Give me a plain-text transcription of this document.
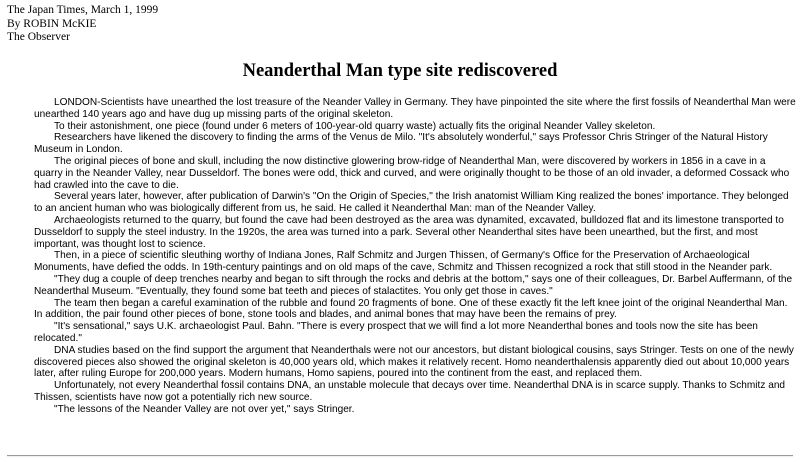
The Japan Times, March 1, 1999
By ROBIN McKIE
The Observer
Neanderthal Man type site rediscovered

LONDON-Scientists have unearthed the lost treasure of the Neander Valley in Germany. They have pinpointed the site where the first fossils of Neanderthal Man were unearthed 140 years ago and have dug up missing parts of the original skeleton.

To their astonishment, one piece (found under 6 meters of 100-year-old quarry waste) actually fits the original Neander Valley skeleton.

Researchers have likened the discovery to finding the arms of the Venus de Milo. "It's absolutely wonderful," says Professor Chris Stringer of the Natural History Museum in London.

The original pieces of bone and skull, including the now distinctive glowering brow-ridge of Neanderthal Man, were discovered by workers in 1856 in a cave in a quarry in the Neander Valley, near Dusseldorf. The bones were odd, thick and curved, and were originally thought to be those of an old invader, a deformed Cossack who had crawled into the cave to die.

Several years later, however, after publication of Darwin's "On the Origin of Species," the Irish anatomist William King realized the bones' importance. They belonged to an ancient human who was biologically different from us, he said. He called it Neanderthal Man: man of the Neander Valley.

Archaeologists returned to the quarry, but found the cave had been destroyed as the area was dynamited, excavated, bulldozed flat and its limestone transported to Dusseldorf to supply the steel industry. In the 1920s, the area was turned into a park. Several other Neanderthal sites have been unearthed, but the first, and most important, was thought lost to science.

Then, in a piece of scientific sleuthing worthy of Indiana Jones, Ralf Schmitz and Jurgen Thissen, of Germany's Office for the Preservation of Archaeological Monuments, have defied the odds. In 19th-century paintings and on old maps of the cave, Schmitz and Thissen recognized a rock that still stood in the Neander park.

"They dug a couple of deep trenches nearby and began to sift through the rocks and debris at the bottom," says one of their colleagues, Dr. Barbel Auffermann, of the Neanderthal Museum. "Eventually, they found some bat teeth and pieces of stalactites. You only get those in caves."

The team then began a careful examination of the rubble and found 20 fragments of bone. One of these exactly fit the left knee joint of the original Neanderthal Man. In addition, the pair found other pieces of bone, stone tools and blades, and animal bones that may have been the remains of prey.

"It's sensational," says U.K. archaeologist Paul. Bahn. "There is every prospect that we will find a lot more Neanderthal bones and tools now the site has been relocated."

DNA studies based on the find support the argument that Neanderthals were not our ancestors, but distant biological cousins, says Stringer. Tests on one of the newly discovered pieces also showed the original skeleton is 40,000 years old, which makes it relatively recent. Homo neanderthalensis apparently died out about 10,000 years later, after ruling Europe for 200,000 years. Modern humans, Homo sapiens, poured into the continent from the east, and replaced them.

Unfortunately, not every Neanderthal fossil contains DNA, an unstable molecule that decays over time. Neanderthal DNA is in scarce supply. Thanks to Schmitz and Thissen, scientists have now got a potentially rich new source.

"The lessons of the Neander Valley are not over yet," says Stringer.
